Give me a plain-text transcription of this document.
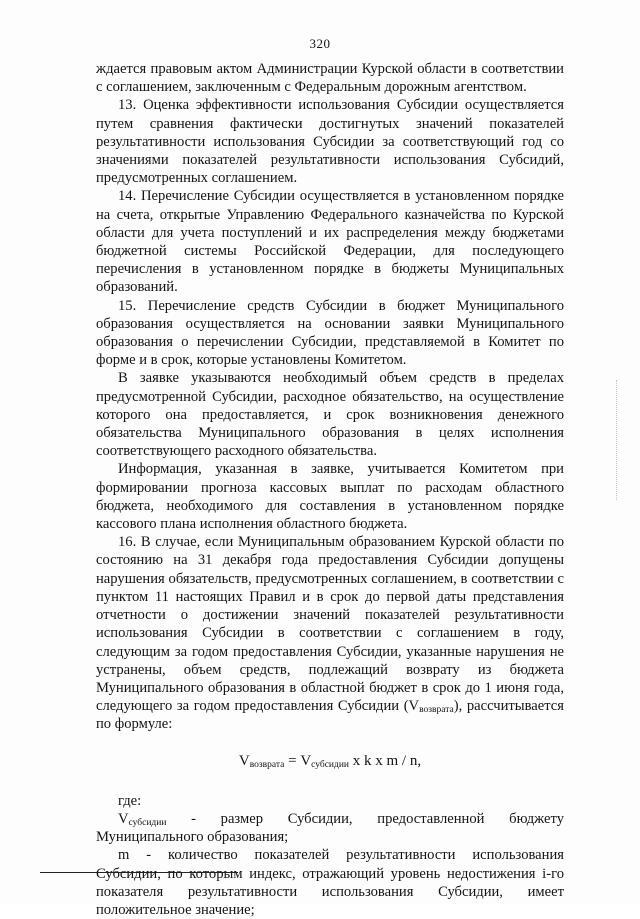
320

ждается правовым актом Администрации Курской области в соответствии с соглашением, заключенным с Федеральным дорожным агентством.

13. Оценка эффективности использования Субсидии осуществляется путем сравнения фактически достигнутых значений показателей результативности использования Субсидии за соответствующий год со значениями показателей результативности использования Субсидий, предусмотренных соглашением.

14. Перечисление Субсидии осуществляется в установленном порядке на счета, открытые Управлению Федерального казначейства по Курской области для учета поступлений и их распределения между бюджетами бюджетной системы Российской Федерации, для последующего перечисления в установленном порядке в бюджеты Муниципальных образований.

15. Перечисление средств Субсидии в бюджет Муниципального образования осуществляется на основании заявки Муниципального образования о перечислении Субсидии, представляемой в Комитет по форме и в срок, которые установлены Комитетом.

В заявке указываются необходимый объем средств в пределах предусмотренной Субсидии, расходное обязательство, на осуществление которого она предоставляется, и срок возникновения денежного обязательства Муниципального образования в целях исполнения соответствующего расходного обязательства.

Информация, указанная в заявке, учитывается Комитетом при формировании прогноза кассовых выплат по расходам областного бюджета, необходимого для составления в установленном порядке кассового плана исполнения областного бюджета.

16. В случае, если Муниципальным образованием Курской области по состоянию на 31 декабря года предоставления Субсидии допущены нарушения обязательств, предусмотренных соглашением, в соответствии с пунктом 11 настоящих Правил и в срок до первой даты представления отчетности о достижении значений показателей результативности использования Субсидии в соответствии с соглашением в году, следующим за годом предоставления Субсидии, указанные нарушения не устранены, объем средств, подлежащий возврату из бюджета Муниципального образования в областной бюджет в срок до 1 июня года, следующего за годом предоставления Субсидии $(V_{возврата})$, рассчитывается по формуле:

$V_{возврата} = V_{субсидии}$ x k x m / n,

где:

$V_{субсидии}$ - размер Субсидии, предоставленной бюджету Муниципального образования;

m - количество показателей результативности использования Субсидии, по которым индекс, отражающий уровень недостижения i-го показателя результативности использования Субсидии, имеет положительное значение;
